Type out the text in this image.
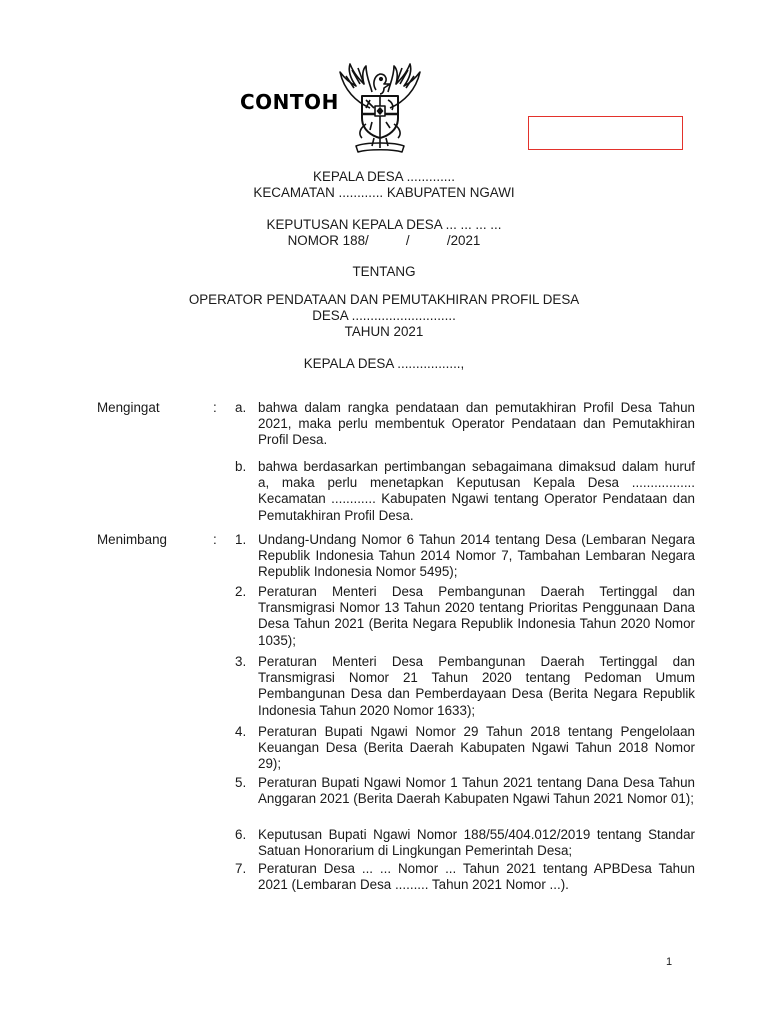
CONTOH
KEPALA DESA .............
KECAMATAN ............ KABUPATEN NGAWI
KEPUTUSAN KEPALA DESA ... ... ... ...
NOMOR 188/          /          /2021
TENTANG
OPERATOR PENDATAAN DAN PEMUTAKHIRAN PROFIL DESA
DESA ............................
TAHUN 2021
KEPALA DESA .................,
Mengingat	: a. bahwa dalam rangka pendataan dan pemutakhiran Profil Desa Tahun 2021, maka perlu membentuk Operator Pendataan dan Pemutakhiran Profil Desa.
b. bahwa berdasarkan pertimbangan sebagaimana dimaksud dalam huruf a, maka perlu menetapkan Keputusan Kepala Desa ................. Kecamatan ............ Kabupaten Ngawi tentang Operator Pendataan dan Pemutakhiran Profil Desa.
Menimbang	: 1. Undang-Undang Nomor 6 Tahun 2014 tentang Desa (Lembaran Negara Republik Indonesia Tahun 2014 Nomor 7, Tambahan Lembaran Negara Republik Indonesia Nomor 5495);
2. Peraturan Menteri Desa Pembangunan Daerah Tertinggal dan Transmigrasi Nomor 13 Tahun 2020 tentang Prioritas Penggunaan Dana Desa Tahun 2021 (Berita Negara Republik Indonesia Tahun 2020 Nomor 1035);
3. Peraturan Menteri Desa Pembangunan Daerah Tertinggal dan Transmigrasi Nomor 21 Tahun 2020 tentang Pedoman Umum Pembangunan Desa dan Pemberdayaan Desa (Berita Negara Republik Indonesia Tahun 2020 Nomor 1633);
4. Peraturan Bupati Ngawi Nomor 29 Tahun 2018 tentang Pengelolaan Keuangan Desa (Berita Daerah Kabupaten Ngawi Tahun 2018 Nomor 29);
5. Peraturan Bupati Ngawi Nomor 1 Tahun 2021 tentang Dana Desa Tahun Anggaran 2021 (Berita Daerah Kabupaten Ngawi Tahun 2021 Nomor 01);
6. Keputusan Bupati Ngawi Nomor 188/55/404.012/2019 tentang Standar Satuan Honorarium di Lingkungan Pemerintah Desa;
7. Peraturan Desa ... ... Nomor ... Tahun 2021 tentang APBDesa Tahun 2021 (Lembaran Desa ......... Tahun 2021 Nomor ...).
1
